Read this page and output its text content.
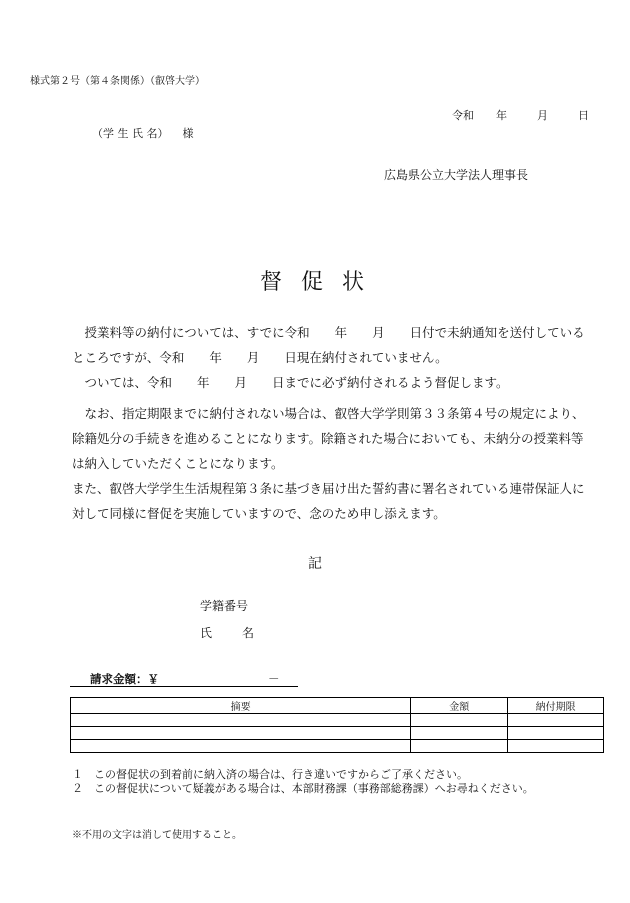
様式第２号（第４条関係）（叡啓大学）
令和 年	月	日
（学 生 氏 名） 様
広島県公立大学法人理事長
督 促 状

　授業料等の納付については、すでに令和　　年　　月　　日付で未納通知を送付しているところですが、令和　　年　　月　　日現在納付されていません。

　ついては、令和　　年　　月　　日までに必ず納付されるよう督促します。

　なお、指定期限までに納付されない場合は、叡啓大学学則第３３条第４号の規定により、除籍処分の手続きを進めることになります。除籍された場合においても、未納分の授業料等は納入していただくことになります。

また、叡啓大学学生生活規程第３条に基づき届け出た誓約書に署名されている連帯保証人に対して同様に督促を実施していますので、念のため申し添えます。

記
学籍番号
氏	名
請求金額：￥	－
摘要	金額	納付期限

１　この督促状の到着前に納入済の場合は、行き違いですからご了承ください。
２　この督促状について疑義がある場合は、本部財務課（事務部総務課）へお尋ねください。
※不用の文字は消して使用すること。
